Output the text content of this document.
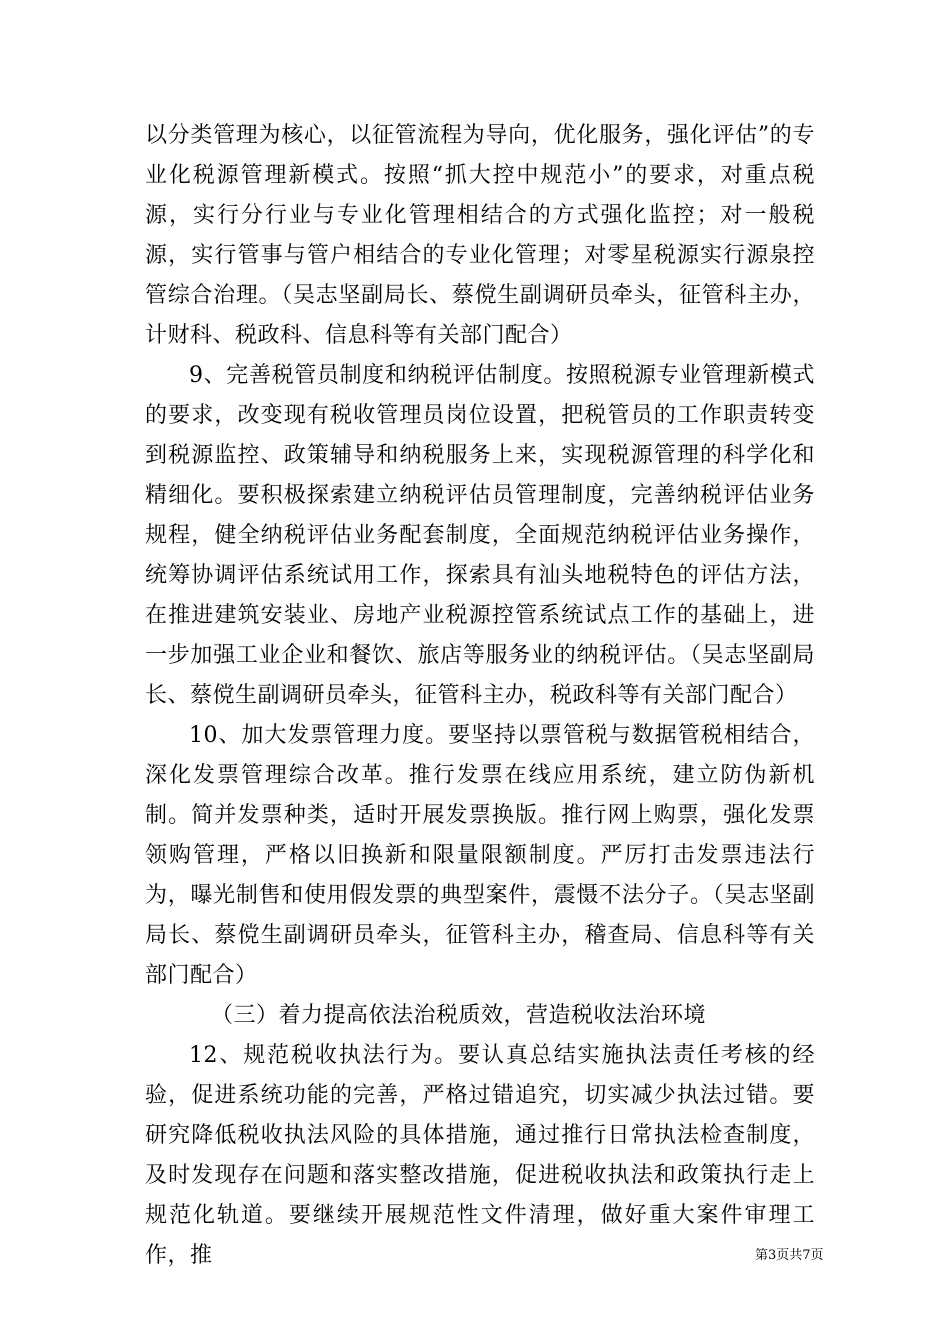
以分类管理为核心，以征管流程为导向，优化服务，强化评估”的专业化税源管理新模式。按照“抓大控中规范小”的要求，对重点税源，实行分行业与专业化管理相结合的方式强化监控；对一般税源，实行管事与管户相结合的专业化管理；对零星税源实行源泉控管综合治理。（吴志坚副局长、蔡傥生副调研员牵头，征管科主办，计财科、税政科、信息科等有关部门配合）

9、完善税管员制度和纳税评估制度。按照税源专业管理新模式的要求，改变现有税收管理员岗位设置，把税管员的工作职责转变到税源监控、政策辅导和纳税服务上来，实现税源管理的科学化和精细化。要积极探索建立纳税评估员管理制度，完善纳税评估业务规程，健全纳税评估业务配套制度，全面规范纳税评估业务操作，统筹协调评估系统试用工作，探索具有汕头地税特色的评估方法，在推进建筑安装业、房地产业税源控管系统试点工作的基础上，进一步加强工业企业和餐饮、旅店等服务业的纳税评估。（吴志坚副局长、蔡傥生副调研员牵头，征管科主办，税政科等有关部门配合）

10、加大发票管理力度。要坚持以票管税与数据管税相结合，深化发票管理综合改革。推行发票在线应用系统，建立防伪新机制。简并发票种类，适时开展发票换版。推行网上购票，强化发票领购管理，严格以旧换新和限量限额制度。严厉打击发票违法行为，曝光制售和使用假发票的典型案件，震慑不法分子。（吴志坚副局长、蔡傥生副调研员牵头，征管科主办，稽查局、信息科等有关部门配合）

（三）着力提高依法治税质效，营造税收法治环境

12、规范税收执法行为。要认真总结实施执法责任考核的经验，促进系统功能的完善，严格过错追究，切实减少执法过错。要研究降低税收执法风险的具体措施，通过推行日常执法检查制度，及时发现存在问题和落实整改措施，促进税收执法和政策执行走上规范化轨道。要继续开展规范性文件清理，做好重大案件审理工作，推	第3页共7页
